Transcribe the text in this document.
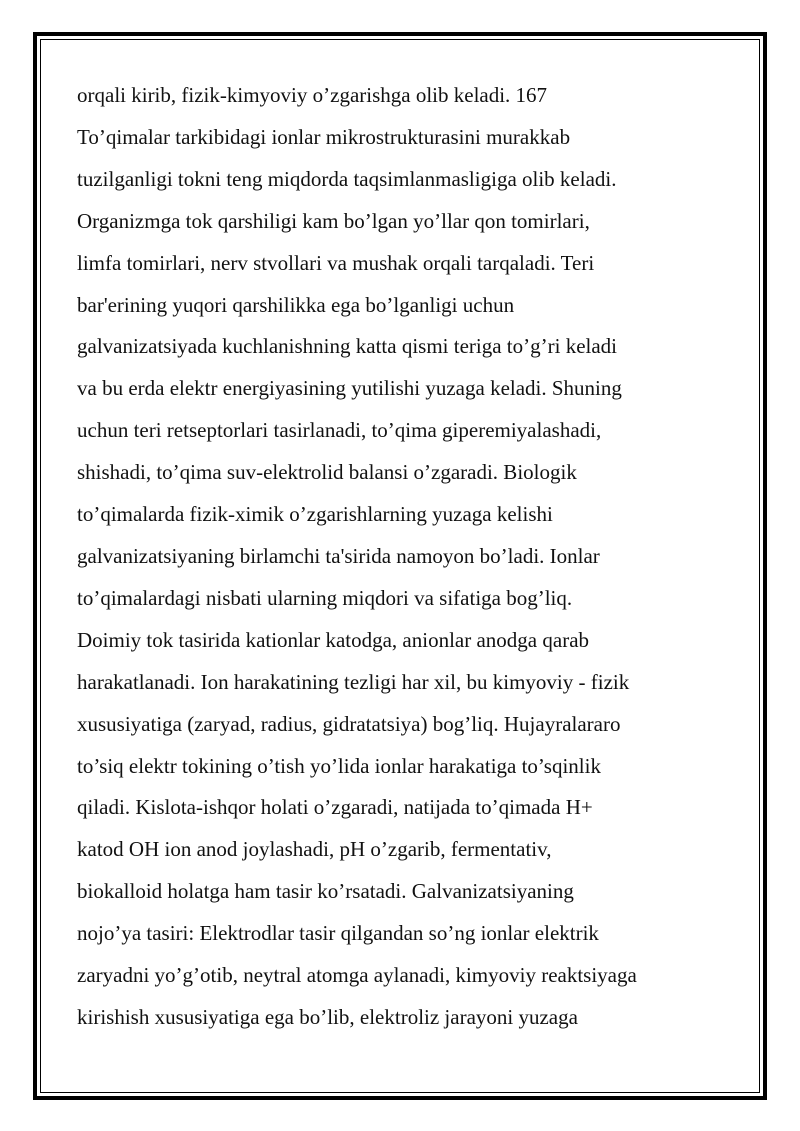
orqali kirib, fizik-kimyoviy o’zgarishga olib keladi. 167
To’qimalar tarkibidagi ionlar mikrostrukturasini murakkab
tuzilganligi tokni teng miqdorda taqsimlanmasligiga olib keladi.
Organizmga tok qarshiligi kam bo’lgan yo’llar qon tomirlari,
limfa tomirlari, nerv stvollari va mushak orqali tarqaladi. Teri
bar'erining yuqori qarshilikka ega bo’lganligi uchun
galvanizatsiyada kuchlanishning katta qismi teriga to’g’ri keladi
va bu erda elektr energiyasining yutilishi yuzaga keladi. Shuning
uchun teri retseptorlari tasirlanadi, to’qima giperemiyalashadi,
shishadi, to’qima suv-elektrolid balansi o’zgaradi. Biologik
to’qimalarda fizik-ximik o’zgarishlarning yuzaga kelishi
galvanizatsiyaning birlamchi ta'sirida namoyon bo’ladi. Ionlar
to’qimalardagi nisbati ularning miqdori va sifatiga bog’liq.
Doimiy tok tasirida kationlar katodga, anionlar anodga qarab
harakatlanadi. Ion harakatining tezligi har xil, bu kimyoviy - fizik
xususiyatiga (zaryad, radius, gidratatsiya) bog’liq. Hujayralararo
to’siq elektr tokining o’tish yo’lida ionlar harakatiga to’sqinlik
qiladi. Kislota-ishqor holati o’zgaradi, natijada to’qimada H+
katod OH ion anod joylashadi, pH o’zgarib, fermentativ,
biokalloid holatga ham tasir ko’rsatadi. Galvanizatsiyaning
nojo’ya tasiri: Elektrodlar tasir qilgandan so’ng ionlar elektrik
zaryadni yo’g’otib, neytral atomga aylanadi, kimyoviy reaktsiyaga
kirishish xususiyatiga ega bo’lib, elektroliz jarayoni yuzaga
